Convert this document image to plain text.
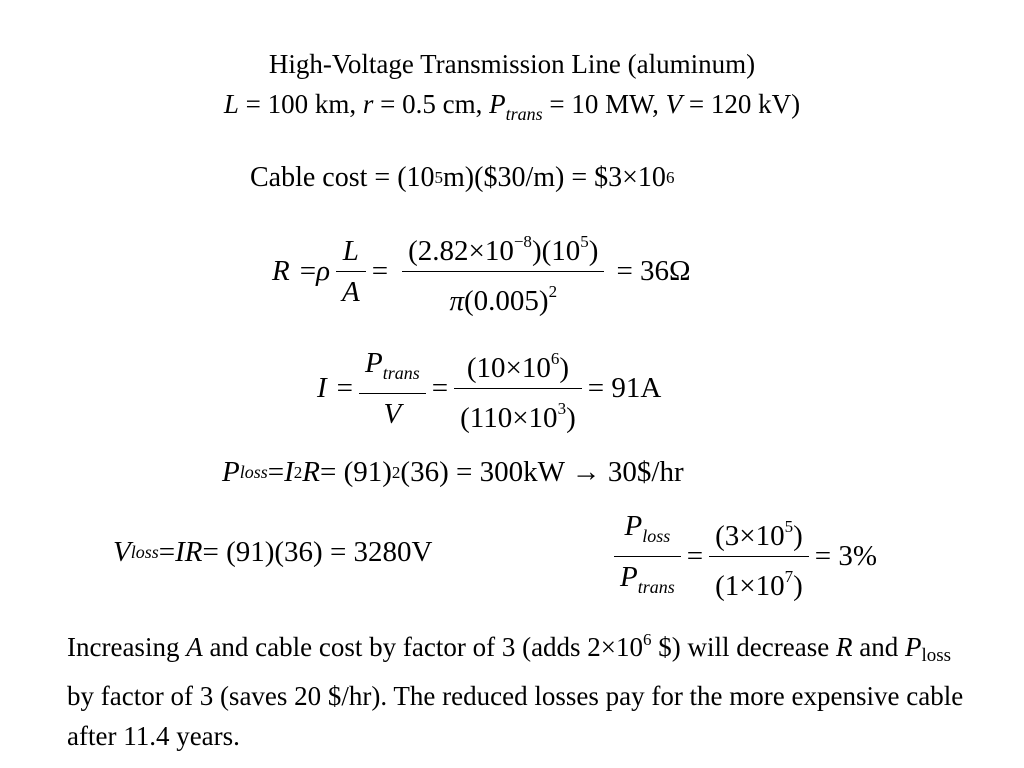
High-Voltage Transmission Line (aluminum)
L = 100 km, r = 0.5 cm, $P_{trans} = 10$ MW, V = 120 kV)
Cable cost = (10 5 m)($30/m) = $3×10 6
R = ρ $\frac{L}{A} = \frac{(2.82\times 10^{-8})(10^5)}{\pi(0.005)^2} = 36\Omega$
$I = \frac{P_{trans}}{V} = \frac{(10\times 10^6)}{(110\times 10^3)} = 91A$
P loss = I 2 R = (91) 2 (36) = 300kW → 30$/hr
V loss = IR = (91)(36) = 3280V	$\frac{P_{loss}}{P_{trans}} = \frac{(3\times 10^5)}{(1\times 10^7)} = 3\%$
Increasing A and cable cost by factor of 3 (adds $2\times 10^6$ $) will decrease R and Ploss by factor of 3 (saves 20 $/hr). The reduced losses pay for the more expensive cable after 11.4 years.
